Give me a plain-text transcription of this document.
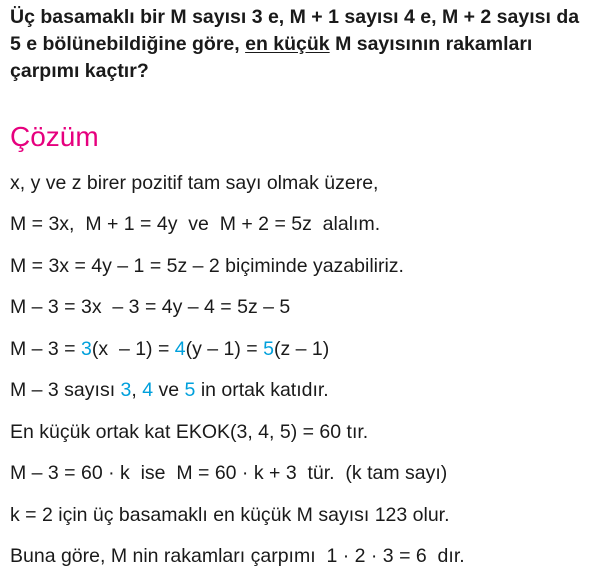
Üç basamaklı bir M sayısı 3 e, M + 1 sayısı 4 e, M + 2 sayısı da 5 e bölünebildiğine göre, en küçük M sayısının rakamları çarpımı kaçtır?
Çözüm
x, y ve z birer pozitif tam sayı olmak üzere,
M = 3x,  M + 1 = 4y  ve  M + 2 = 5z  alalım.
M = 3x = 4y – 1 = 5z – 2 biçiminde yazabiliriz.
M – 3 = 3x  – 3 = 4y – 4 = 5z – 5
M – 3 = 3(x  – 1) = 4(y – 1) = 5(z – 1)
M – 3 sayısı 3, 4 ve 5 in ortak katıdır.
En küçük ortak kat EKOK(3, 4, 5) = 60 tır.
M – 3 = 60 · k  ise  M = 60 · k + 3  tür.  (k tam sayı)
k = 2 için üç basamaklı en küçük M sayısı 123 olur.
Buna göre, M nin rakamları çarpımı  1 · 2 · 3 = 6  dır.
